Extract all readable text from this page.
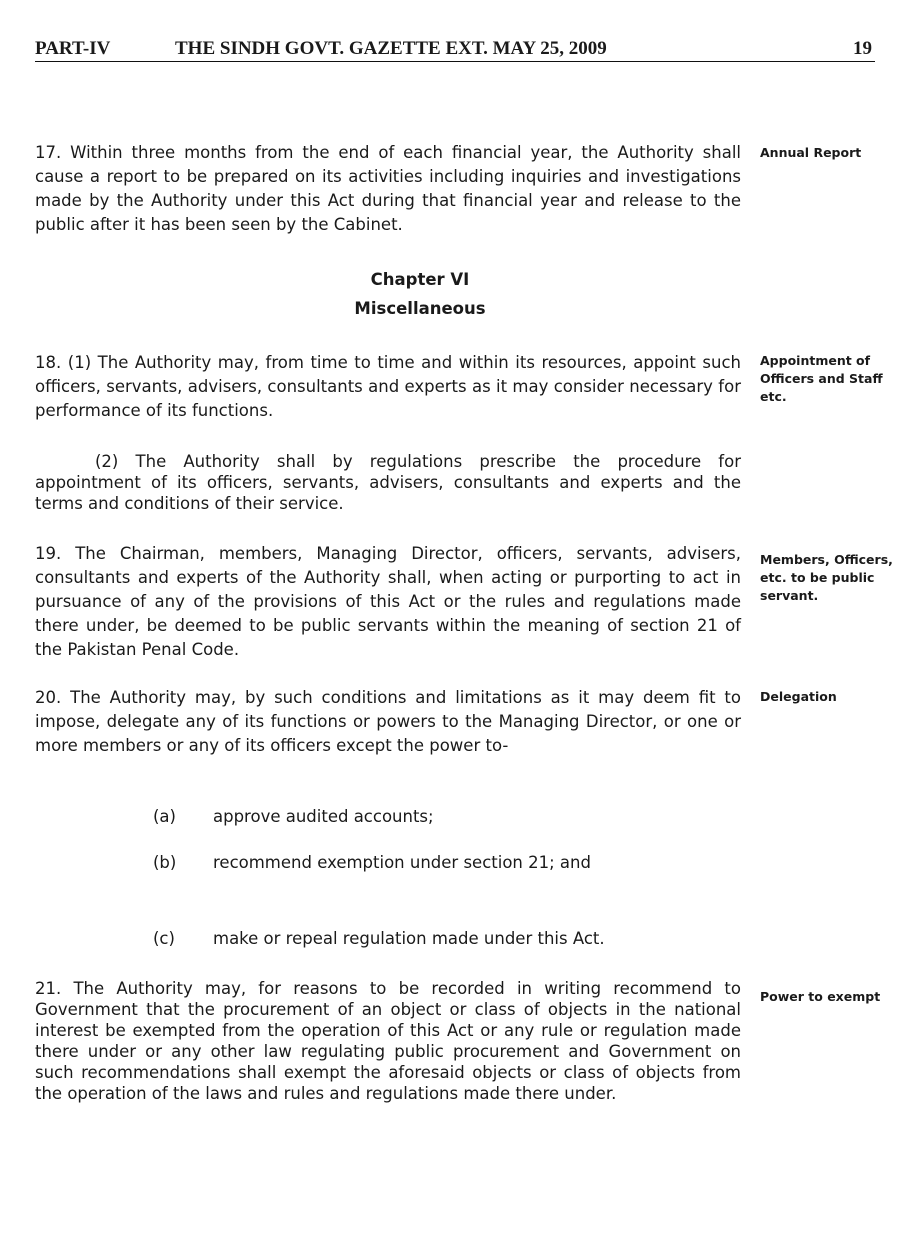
PART-IV	THE SINDH GOVT. GAZETTE EXT. MAY 25, 2009	19
17. Within three months from the end of each financial year, the Authority shall cause a report to be prepared on its activities including inquiries and investigations made by the Authority under this Act during that financial year and release to the public after it has been seen by the Cabinet.
Annual Report
Chapter VI
Miscellaneous
18. (1) The Authority may, from time to time and within its resources, appoint such officers, servants, advisers, consultants and experts as it may consider necessary for performance of its functions.
Appointment of Officers and Staff etc.
(2) The Authority shall by regulations prescribe the procedure for appointment of its officers, servants, advisers, consultants and experts and the terms and conditions of their service.
19. The Chairman, members, Managing Director, officers, servants, advisers, consultants and experts of the Authority shall, when acting or purporting to act in pursuance of any of the provisions of this Act or the rules and regulations made there under, be deemed to be public servants within the meaning of section 21 of the Pakistan Penal Code.
Members, Officers, etc. to be public servant.
20. The Authority may, by such conditions and limitations as it may deem fit to impose, delegate any of its functions or powers to the Managing Director, or one or more members or any of its officers except the power to-
Delegation
(a) approve audited accounts;
(b) recommend exemption under section 21; and
(c) make or repeal regulation made under this Act.
21. The Authority may, for reasons to be recorded in writing recommend to Government that the procurement of an object or class of objects in the national interest be exempted from the operation of this Act or any rule or regulation made there under or any other law regulating public procurement and Government on such recommendations shall exempt the aforesaid objects or class of objects from the operation of the laws and rules and regulations made there under.
Power to exempt
